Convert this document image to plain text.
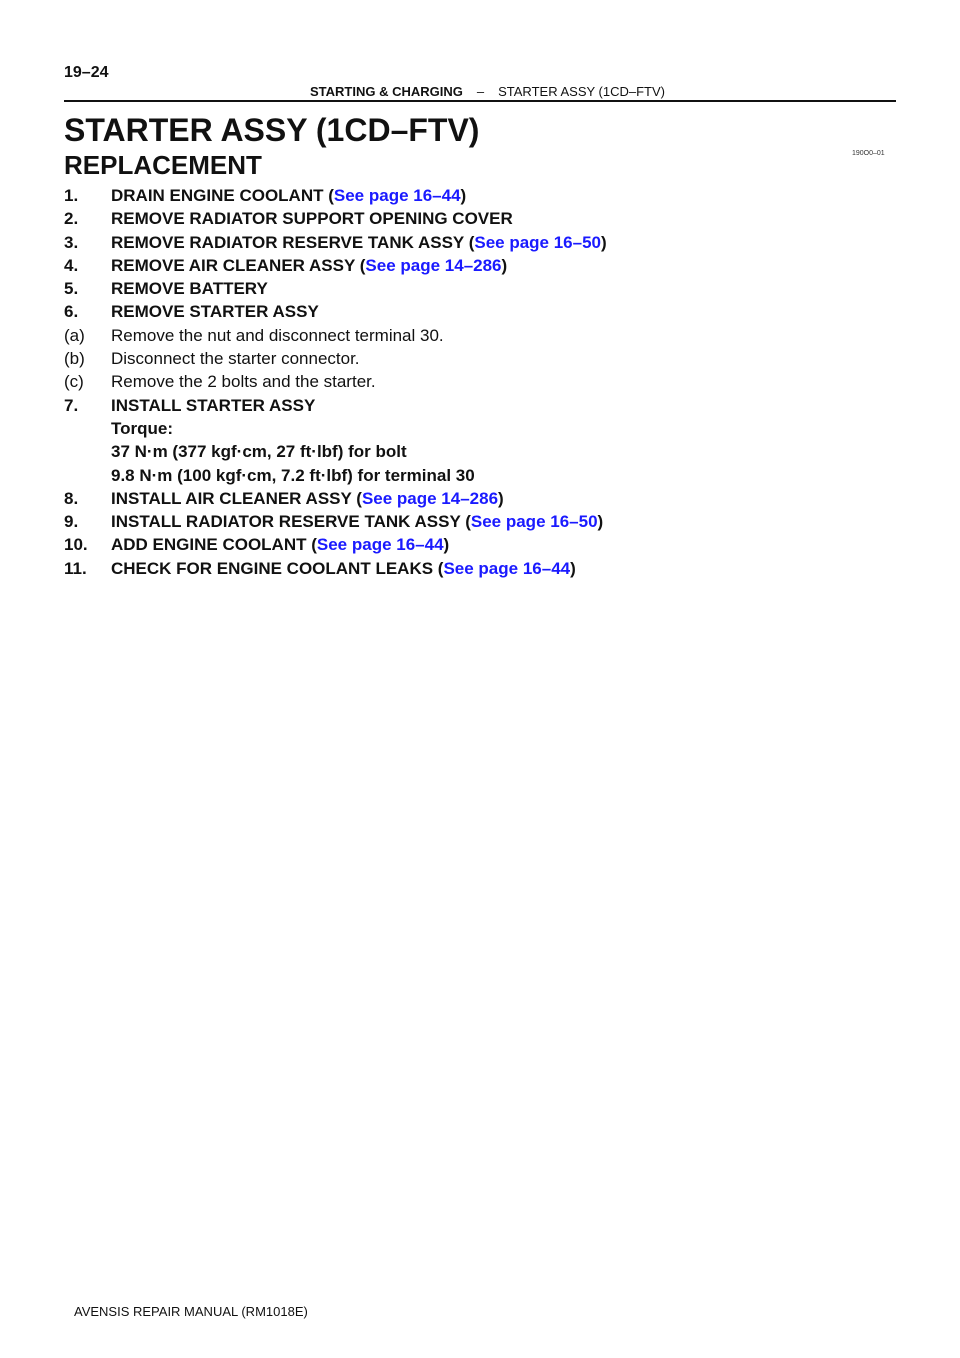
19–24
STARTING & CHARGING – STARTER ASSY (1CD–FTV)
STARTER ASSY (1CD–FTV)
190O0–01
REPLACEMENT
1. DRAIN ENGINE COOLANT (See page 16–44)
2. REMOVE RADIATOR SUPPORT OPENING COVER
3. REMOVE RADIATOR RESERVE TANK ASSY (See page 16–50)
4. REMOVE AIR CLEANER ASSY (See page 14–286)
5. REMOVE BATTERY
6. REMOVE STARTER ASSY
(a) Remove the nut and disconnect terminal 30.
(b) Disconnect the starter connector.
(c) Remove the 2 bolts and the starter.
7. INSTALL STARTER ASSY
Torque:
37 N·m (377 kgf·cm, 27 ft·lbf) for bolt
9.8 N·m (100 kgf·cm, 7.2 ft·lbf) for terminal 30
8. INSTALL AIR CLEANER ASSY (See page 14–286)
9. INSTALL RADIATOR RESERVE TANK ASSY (See page 16–50)
10. ADD ENGINE COOLANT (See page 16–44)
11. CHECK FOR ENGINE COOLANT LEAKS (See page 16–44)
AVENSIS REPAIR MANUAL (RM1018E)
